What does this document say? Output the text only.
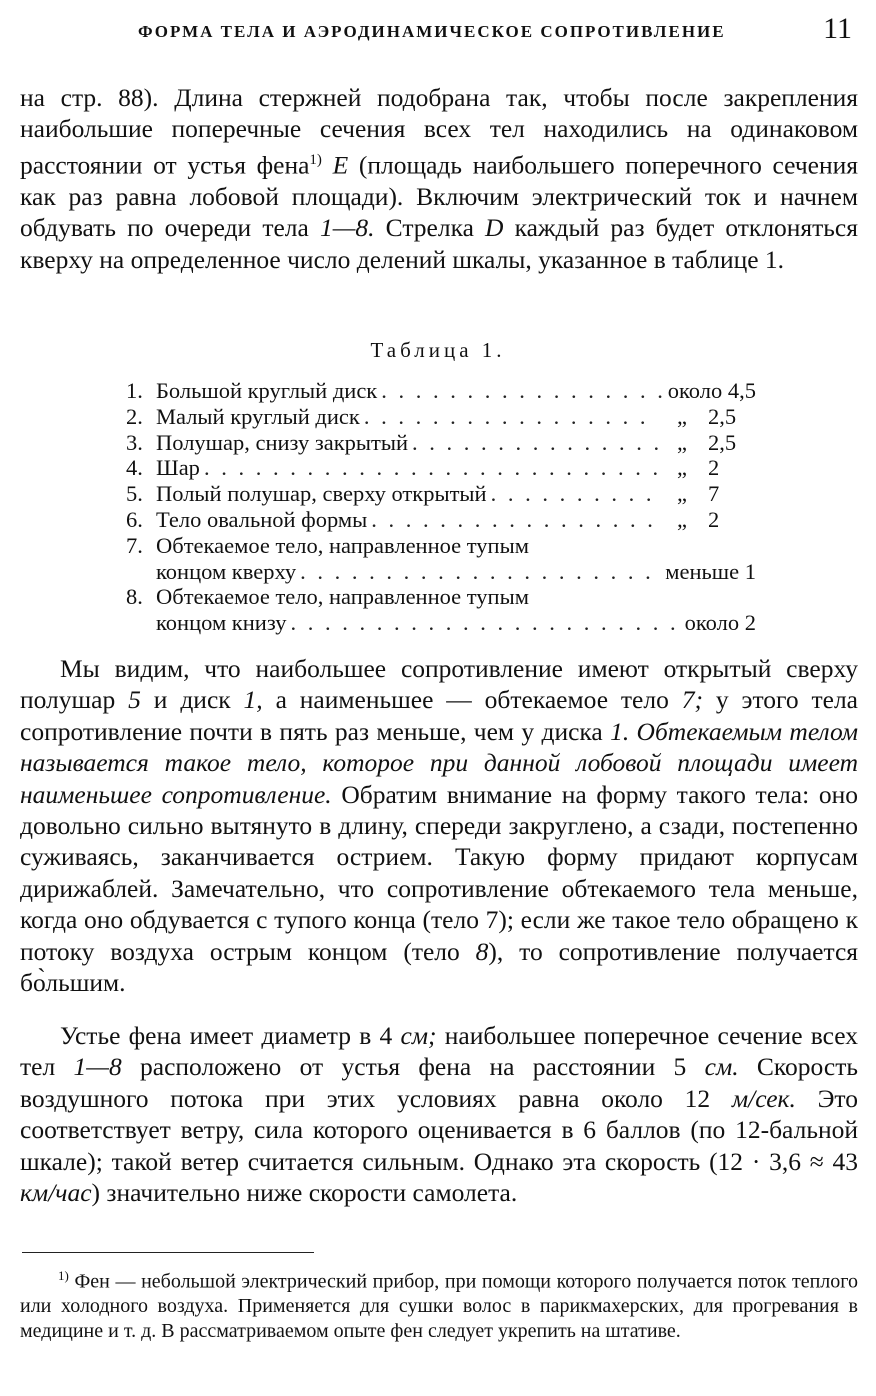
ФОРМА ТЕЛА И АЭРОДИНАМИЧЕСКОЕ СОПРОТИВЛЕНИЕ	11

на стр. 88). Длина стержней подобрана так, чтобы после закрепления наибольшие поперечные сечения всех тел находились на одинаковом расстоянии от устья фена$^{1)}$ E (площадь наибольшего поперечного сечения как раз равна лобовой площади). Включим электрический ток и начнем обдувать по очереди тела 1—8. Стрелка D каждый раз будет отклоняться кверху на определенное число делений шкалы, указанное в таблице 1.

Таблица 1.
1. Большой круглый диск . . .	около 4,5
2. Малый круглый диск . . .	„ 2,5
3. Полушар, снизу закрытый . . .	„ 2,5
4. Шар . . .	„ 2
5. Полый полушар, сверху открытый . . .	„ 7
6. Тело овальной формы . . .	„ 2
7. Обтекаемое тело, направленное тупым
концом кверху . . .	меньше 1
8. Обтекаемое тело, направленное тупым
концом книзу . . .	около 2

Мы видим, что наибольшее сопротивление имеют открытый сверху полушар 5 и диск 1, а наименьшее — обтекаемое тело 7; у этого тела сопротивление почти в пять раз меньше, чем у диска 1. Обтекаемым телом называется такое тело, которое при данной лобовой площади имеет наименьшее сопротивление. Обратим внимание на форму такого тела: оно довольно сильно вытянуто в длину, спереди закруглено, а сзади, постепенно суживаясь, заканчивается острием. Такую форму придают корпусам дирижаблей. Замечательно, что сопротивление обтекаемого тела меньше, когда оно обдувается с тупого конца (тело 7); если же такое тело обращено к потоку воздуха острым концом (тело 8), то сопротивление получается бо̀льшим.

Устье фена имеет диаметр в 4 см; наибольшее поперечное сечение всех тел 1—8 расположено от устья фена на расстоянии 5 см. Скорость воздушного потока при этих условиях равна около 12 м/сек. Это соответствует ветру, сила которого оценивается в 6 баллов (по 12-бальной шкале); такой ветер считается сильным. Однако эта скорость (12 · 3,6 ≈ 43 км/час) значительно ниже скорости самолета.

$^{1)}$ Фен — небольшой электрический прибор, при помощи которого получается поток теплого или холодного воздуха. Применяется для сушки волос в парикмахерских, для прогревания в медицине и т. д. В рассматриваемом опыте фен следует укрепить на штативе.
